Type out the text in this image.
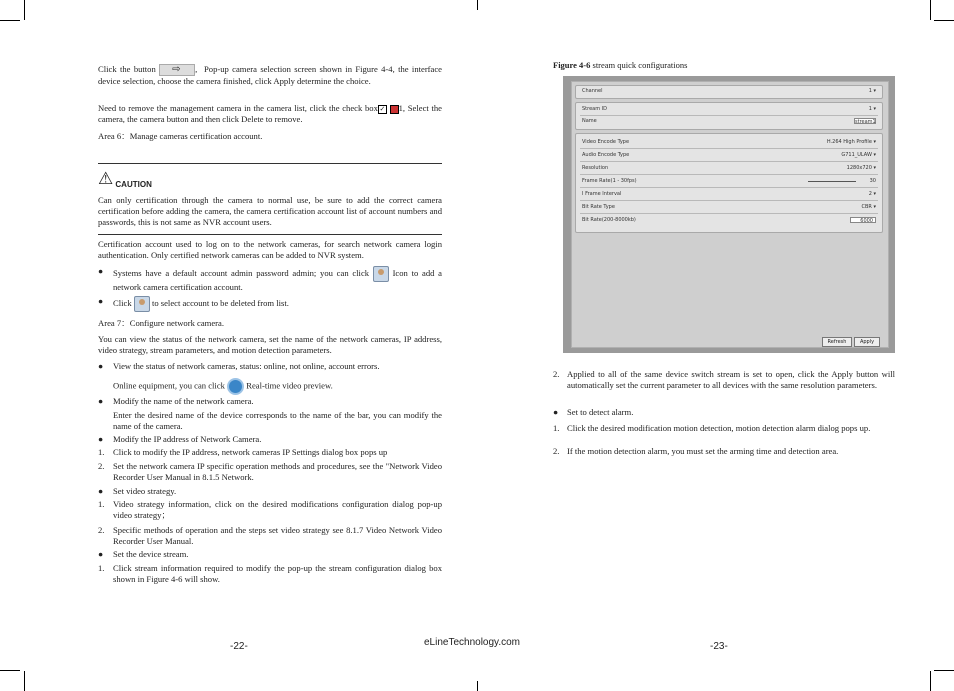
Click the button ⇨ ,  Pop-up camera selection screen shown in Figure 4-4, the interface device selection, choose the camera finished, click Apply determine the choice.

Need to remove the management camera in the camera list, click the check box ✓ 1, Select the camera, the camera button and then click Delete to remove.

Area 6：Manage cameras certification account.

⚠ CAUTION

Can only certification through the camera to normal use, be sure to add the correct camera certification before adding the camera, the camera certification account list of account numbers and passwords, this is not same as NVR account users.

Certification account used to log on to the network cameras, for search network camera login authentication. Only certified network cameras can be added to NVR system.

● Systems have a default account admin password admin; you can click	Icon to add a network camera certification account.

● Click to select account to be deleted from list.

Area 7：Configure network camera.

You can view the status of the network camera, set the name of the network cameras, IP address, video strategy, stream parameters, and motion detection parameters.

● View the status of network cameras, status: online, not online, account errors.

Online equipment, you can click Real-time video preview.

● Modify the name of the network camera.

Enter the desired name of the device corresponds to the name of the bar, you can modify the name of the camera.

● Modify the IP address of Network Camera.

1. Click to modify the IP address, network cameras IP Settings dialog box pops up

2. Set the network camera IP specific operation methods and procedures, see the "Network Video Recorder User Manual in 8.1.5 Network.

● Set video strategy.

1. Video strategy information, click on the desired modifications configuration dialog pop-up video strategy；

2. Specific methods of operation and the steps set video strategy see 8.1.7 Video Network Video Recorder User Manual.

● Set the device stream.

1. Click stream information required to modify the pop-up the stream configuration dialog box shown in Figure 4-6 will show.

-22-	eLineTechnology.com

Figure 4-6 stream quick configurations

Channel	1 ▾
Stream ID	1 ▾
Name	stream1
Video Encode Type	H.264 High Profile ▾
Audio Encode Type	G711_ULAW ▾
Resolution	1280x720 ▾
Frame Rate(1 - 30fps)	30
I Frame Interval	2 ▾
Bit Rate Type	CBR ▾
Bit Rate(200-8000kb)	6000
Refresh	Apply

2. Applied to all of the same device switch stream is set to open, click the Apply button will automatically set the current parameter to all devices with the same resolution parameters.

● Set to detect alarm.

1. Click the desired modification motion detection, motion detection alarm dialog pops up.

2. If the motion detection alarm, you must set the arming time and detection area.

-23-
